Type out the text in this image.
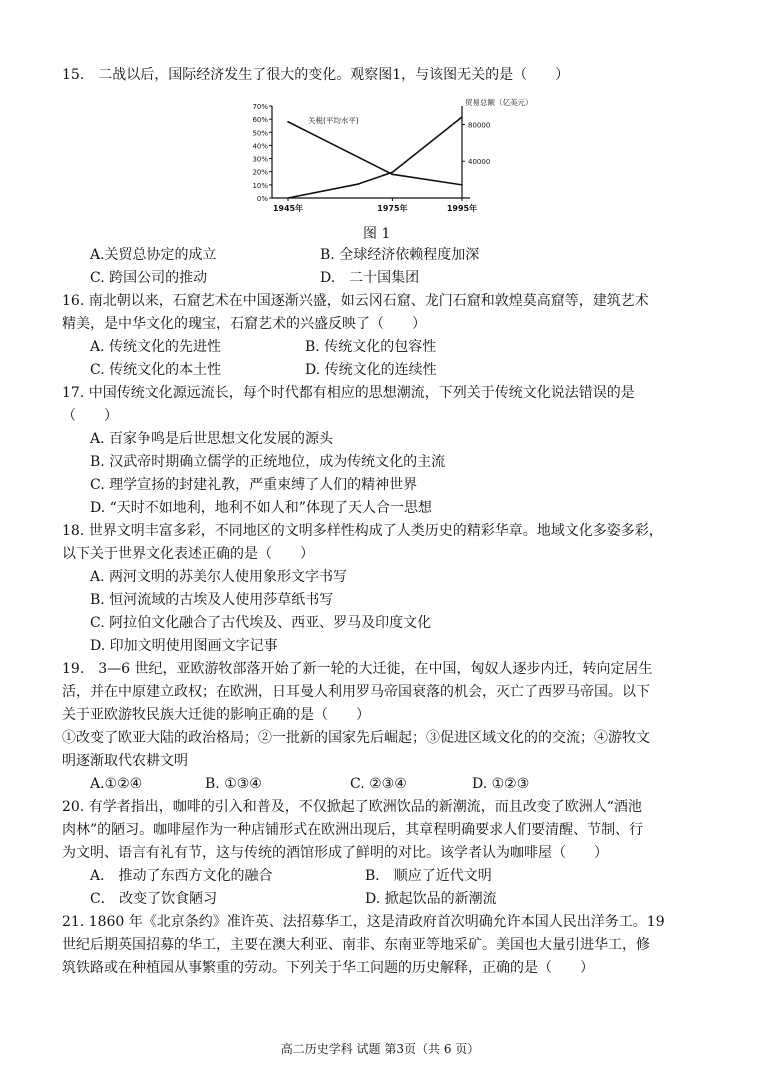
15.　二战以后，国际经济发生了很大的变化。观察图1，与该图无关的是（　　）
70%
60%
50%
40%
30%
20%
10%
0%
80000
40000
1945年	1975年	1995年
关税(平均水平)
贸易总额（亿美元）
图 1
A.关贸总协定的成立	B. 全球经济依赖程度加深
C. 跨国公司的推动	D.　二十国集团
16. 南北朝以来，石窟艺术在中国逐渐兴盛，如云冈石窟、龙门石窟和敦煌莫高窟等，建筑艺术
精美，是中华文化的瑰宝，石窟艺术的兴盛反映了（　　）
A. 传统文化的先进性	B. 传统文化的包容性
C. 传统文化的本土性	D. 传统文化的连续性
17. 中国传统文化源远流长，每个时代都有相应的思想潮流，下列关于传统文化说法错误的是
（　　）
A. 百家争鸣是后世思想文化发展的源头
B. 汉武帝时期确立儒学的正统地位，成为传统文化的主流
C. 理学宣扬的封建礼教，严重束缚了人们的精神世界
D. “天时不如地利，地利不如人和”体现了天人合一思想
18. 世界文明丰富多彩，不同地区的文明多样性构成了人类历史的精彩华章。地域文化多姿多彩，
以下关于世界文化表述正确的是（　　）
A. 两河文明的苏美尔人使用象形文字书写
B. 恒河流域的古埃及人使用莎草纸书写
C. 阿拉伯文化融合了古代埃及、西亚、罗马及印度文化
D. 印加文明使用图画文字记事
19.　3—6 世纪，亚欧游牧部落开始了新一轮的大迁徙，在中国，匈奴人逐步内迁，转向定居生
活，并在中原建立政权；在欧洲，日耳曼人利用罗马帝国衰落的机会，灭亡了西罗马帝国。以下
关于亚欧游牧民族大迁徙的影响正确的是（　　）
①改变了欧亚大陆的政治格局；②一批新的国家先后崛起；③促进区域文化的的交流；④游牧文
明逐渐取代农耕文明
A.①②④	B. ①③④	C. ②③④	D. ①②③
20. 有学者指出，咖啡的引入和普及，不仅掀起了欧洲饮品的新潮流，而且改变了欧洲人“酒池
肉林”的陋习。咖啡屋作为一种店铺形式在欧洲出现后，其章程明确要求人们要清醒、节制、行
为文明、语言有礼有节，这与传统的酒馆形成了鲜明的对比。该学者认为咖啡屋（　　）
A． 推动了东西方文化的融合	B． 顺应了近代文明
C． 改变了饮食陋习	D. 掀起饮品的新潮流
21. 1860 年《北京条约》准许英、法招募华工，这是清政府首次明确允许本国人民出洋务工。19
世纪后期英国招募的华工，主要在澳大利亚、南非、东南亚等地采矿。美国也大量引进华工，修
筑铁路或在种植园从事繁重的劳动。下列关于华工问题的历史解释，正确的是（　　）
高二历史学科 试题 第3页（共 6 页）
